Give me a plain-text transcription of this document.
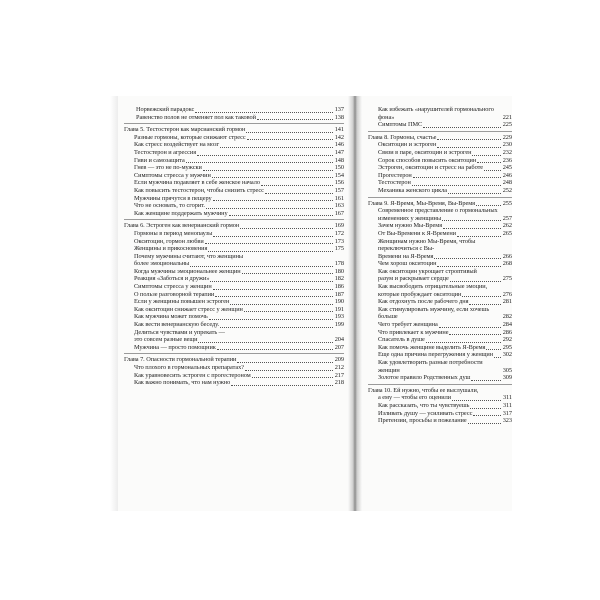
Норвежский парадокс	137
Равенство полов не отменяет пол как таковой	138
Глава 5. Тестостерон как марсианский гормон	141
Разные гормоны, которые снижают стресс	142
Как стресс воздействует на мозг	146
Тестостерон и агрессия	147
Гиви и самозащита	148
Гнев — это не по-мужски	150
Симптомы стресса у мужчин	154
Если мужчина подавляет в себе женское начало	156
Как повысить тестостерон, чтобы снизить стресс	157
Мужчины прячутся в пещеру	161
Что не основать, то сгорит.	163
Как женщине поддержать мужчину	167
Глава 6. Эстроген как венерианский гормон	169
Гормоны в период менопаузы	172
Окситоцин, гормон любви	173
Женщины и прикосновения	175
Почему мужчины считают, что женщины
более эмоциональны	178
Когда мужчины эмоциональнее женщин	180
Реакция «Заботься и дружи»	182
Симптомы стресса у женщин	186
О пользе разговорной терапии	187
Если у женщины повышен эстроген	190
Как окситоцин снижает стресс у женщин	191
Как мужчина может помочь	193
Как вести венерианскую беседу.	199
Делиться чувствами и упрекать —
это совсем разные вещи	204
Мужчина — просто помощник	207
Глава 7. Опасности гормональной терапии	209
Что плохого в гормональных препаратах?	212
Как уравновесить эстроген с прогестероном	217
Как важно понимать, что нам нужно	218
Как избежать «нарушителей гормонального фона»	221
Симптомы ПМС	225
Глава 8. Гормоны, счастье	229
Окситоцин и эстроген	230
Связи в паре, окситоцин и эстроген	232
Сорок способов повысить окситоцин	236
Эстроген, окситоцин и стресс на работе	245
Прогестерон	246
Тестостерон	248
Механика женского цикла	252
Глава 9. Я-Время, Мы-Время, Вы-Время	255
Современное представление о гормональных
изменениях у женщины	257
Зачем нужно Мы-Время	262
От Вы-Времени к Я-Времени	265
Женщинам нужно Мы-Время, чтобы переключиться с Вы-
Времени на Я-Время	266
Чем хорош окситоцин	268
Как окситоцин укрощает строптивый
разум и раскрывает сердце	275
Как высвободить отрицательные эмоции,
которые пробуждает окситоцин	276
Как отдохнуть после рабочего дня	281
Как стимулировать мужчину, если хочешь больше	282
Чего требует женщина	284
Что привлекает к мужчине	286
Спасатель в душе	292
Как помочь женщине выделить Я-Время	295
Еще одна причина перегружения у женщин 302
Как удовлетворить разные потребности женщин	305
Золотое правило Родственных душ	309
Глава 10. Ей нужно, чтобы ее выслушали,
а ему — чтобы его оценили	311
Как рассказать, что ты чувствуешь	311
Изливать душу — усиливать стресс	317
Претензии, просьбы и пожелание	323
